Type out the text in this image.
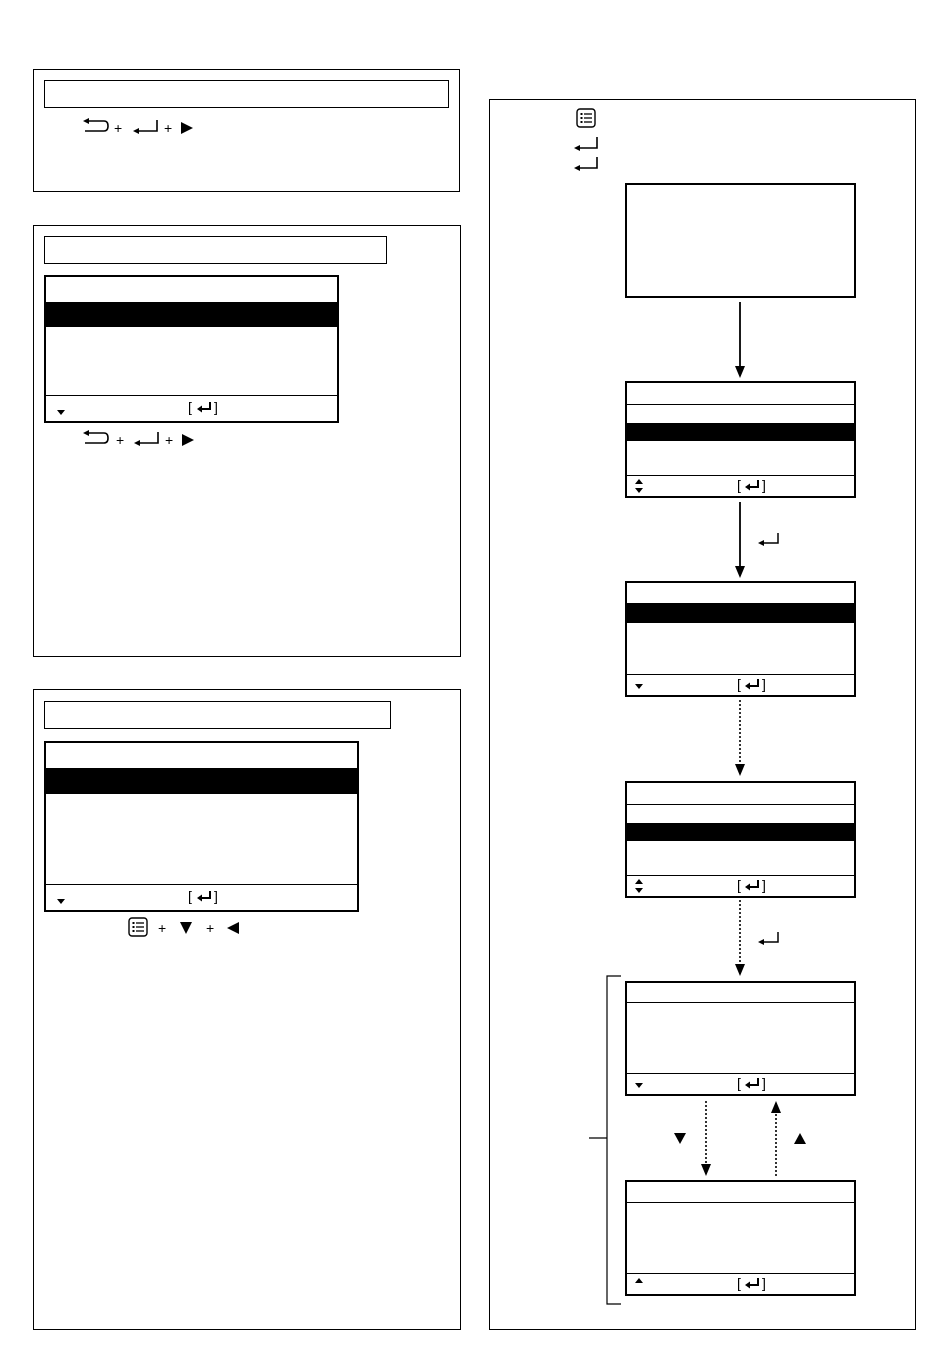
+	+
[ ]
+	+
[ ]
+	+
[ ]
[ ]
[ ]
[ ]
[ ]
